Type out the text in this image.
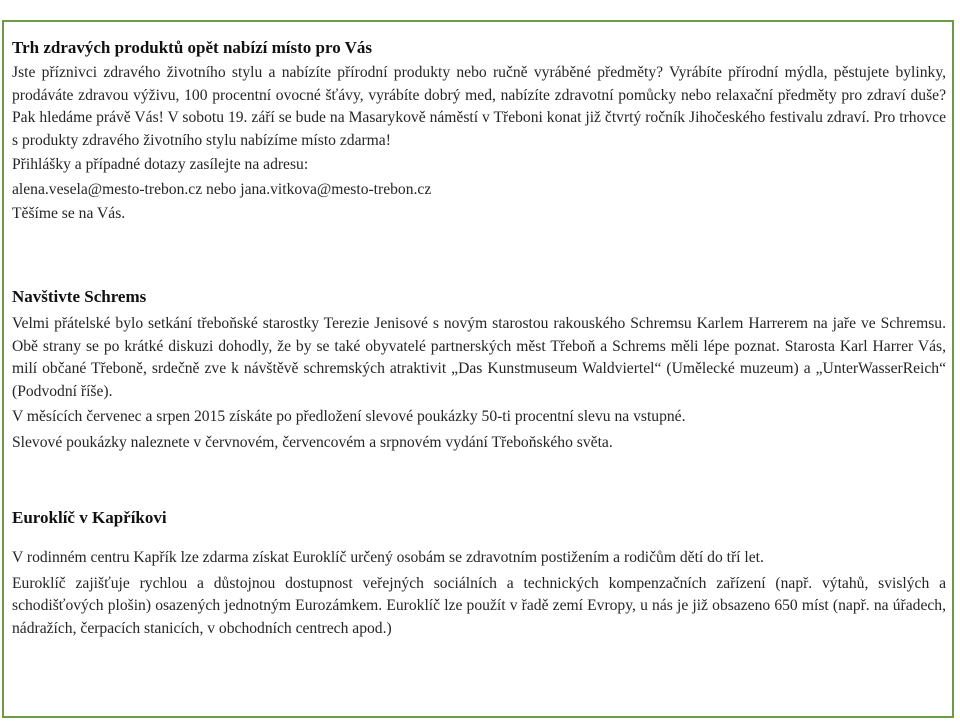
Trh zdravých produktů opět nabízí místo pro Vás

Jste příznivci zdravého životního stylu a nabízíte přírodní produkty nebo ručně vyráběné předměty? Vyrábíte přírodní mýdla, pěstujete bylinky, prodáváte zdravou výživu, 100 procentní ovocné šťávy, vyrábíte dobrý med, nabízíte zdravotní pomůcky nebo relaxační předměty pro zdraví duše? Pak hledáme právě Vás! V sobotu 19. září se bude na Masarykově náměstí v Třeboni konat již čtvrtý ročník Jihočeského festivalu zdraví. Pro trhovce s produkty zdravého životního stylu nabízíme místo zdarma!

Přihlášky a případné dotazy zasílejte na adresu:

alena.vesela@mesto-trebon.cz nebo jana.vitkova@mesto-trebon.cz

Těšíme se na Vás.

Navštivte Schrems

Velmi přátelské bylo setkání třeboňské starostky Terezie Jenisové s novým starostou rakouského Schremsu Karlem Harrerem na jaře ve Schremsu. Obě strany se po krátké diskuzi dohodly, že by se také obyvatelé partnerských měst Třeboň a Schrems měli lépe poznat. Starosta Karl Harrer Vás, milí občané Třeboně, srdečně zve k návštěvě schremských atraktivit „Das Kunstmuseum Waldviertel“ (Umělecké muzeum) a „UnterWasserReich“ (Podvodní říše).

V měsících červenec a srpen 2015 získáte po předložení slevové poukázky 50-ti procentní slevu na vstupné.

Slevové poukázky naleznete v červnovém, červencovém a srpnovém vydání Třeboňského světa.

Euroklíč v Kapříkovi

V rodinném centru Kapřík lze zdarma získat Euroklíč určený osobám se zdravotním postižením a rodičům dětí do tří let.

Euroklíč zajišťuje rychlou a důstojnou dostupnost veřejných sociálních a technických kompenzačních zařízení (např. výtahů, svislých a schodišťových plošin) osazených jednotným Eurozámkem. Euroklíč lze použít v řadě zemí Evropy, u nás je již obsazeno 650 míst (např. na úřadech, nádražích, čerpacích stanicích, v obchodních centrech apod.)
